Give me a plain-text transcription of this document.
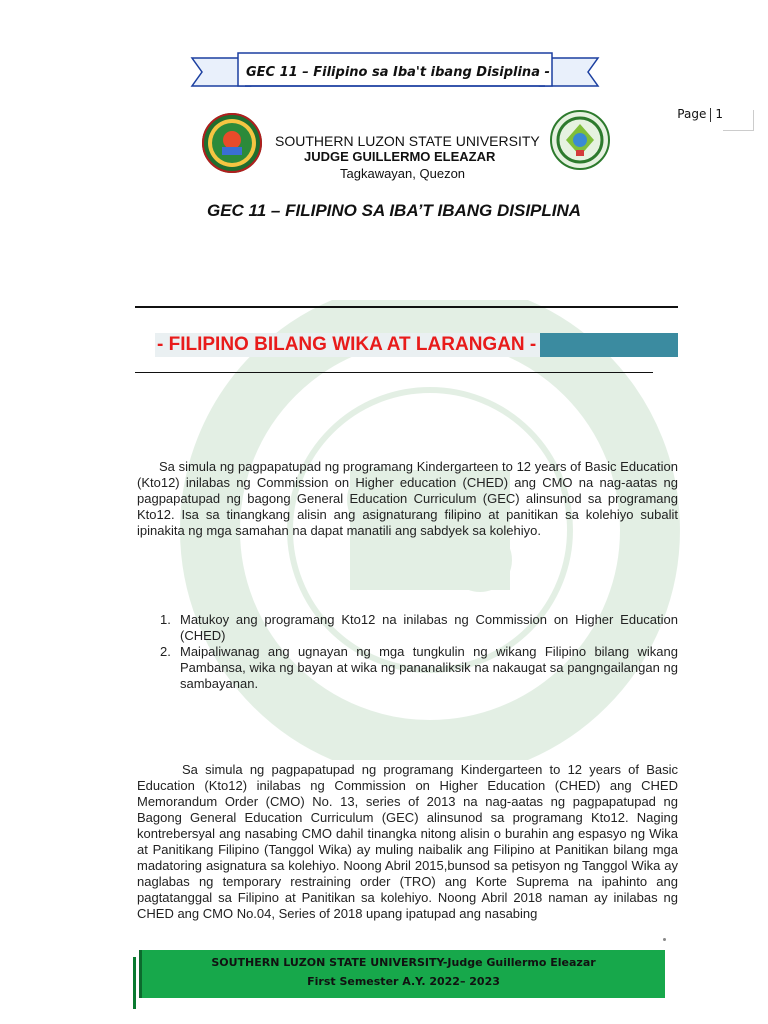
GEC 11 – Filipino sa Iba't ibang Disiplina -
Page 1
SOUTHERN LUZON STATE UNIVERSITY
JUDGE GUILLERMO ELEAZAR
Tagkawayan, Quezon
GEC 11 – FILIPINO SA IBA’T IBANG DISIPLINA
- FILIPINO BILANG WIKA AT LARANGAN -
Sa simula ng pagpapatupad ng programang Kindergarteen to 12 years of Basic Education (Kto12) inilabas ng Commission on Higher education (CHED) ang CMO na nag-aatas ng pagpapatupad ng bagong General Education Curriculum (GEC) alinsunod sa programang Kto12. Isa sa tinangkang alisin ang asignaturang filipino at panitikan sa kolehiyo subalit ipinakita ng mga samahan na dapat manatili ang sabdyek sa kolehiyo.
1. Matukoy ang programang Kto12 na inilabas ng Commission on Higher Education (CHED)
2. Maipaliwanag ang ugnayan ng mga tungkulin ng wikang Filipino bilang wikang Pambansa, wika ng bayan at wika ng pananaliksik na nakaugat sa pangngailangan ng sambayanan.
Sa simula ng pagpapatupad ng programang Kindergarteen to 12 years of Basic Education (Kto12) inilabas ng Commission on Higher Education (CHED) ang CHED Memorandum Order (CMO) No. 13, series of 2013 na nag-aatas ng pagpapatupad ng Bagong General Education Curriculum (GEC) alinsunod sa programang Kto12. Naging kontrebersyal ang nasabing CMO dahil tinangka nitong alisin o burahin ang espasyo ng Wika at Panitikang Filipino (Tanggol Wika) ay muling naibalik ang Filipino at Panitikan bilang mga madatoring asignatura sa kolehiyo. Noong Abril 2015,bunsod sa petisyon ng Tanggol Wika ay naglabas ng temporary restraining order (TRO) ang Korte Suprema na ipahinto ang pagtatanggal sa Filipino at Panitikan sa kolehiyo. Noong Abril 2018 naman ay inilabas ng CHED ang CMO No.04, Series of 2018 upang ipatupad ang nasabing
SOUTHERN LUZON STATE UNIVERSITY-Judge Guillermo Eleazar
First Semester A.Y. 2022– 2023
